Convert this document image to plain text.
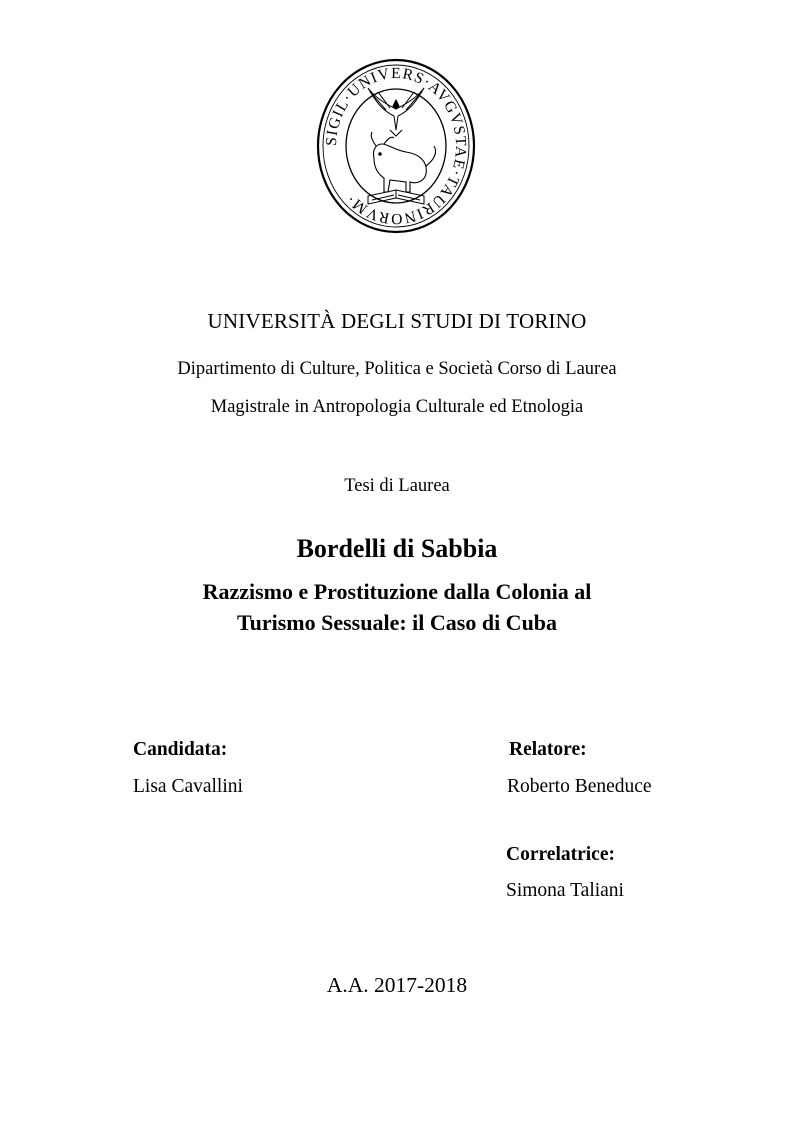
SIGIL·UNIVERS·AVGVSTAE·TAURINORVM·
UNIVERSITÀ DEGLI STUDI DI TORINO
Dipartimento di Culture, Politica e Società Corso di Laurea
Magistrale in Antropologia Culturale ed Etnologia
Tesi di Laurea
Bordelli di Sabbia
Razzismo e Prostituzione dalla Colonia al
Turismo Sessuale: il Caso di Cuba
Candidata:
Lisa Cavallini
Relatore:
Roberto Beneduce
Correlatrice:
Simona Taliani
A.A. 2017-2018
